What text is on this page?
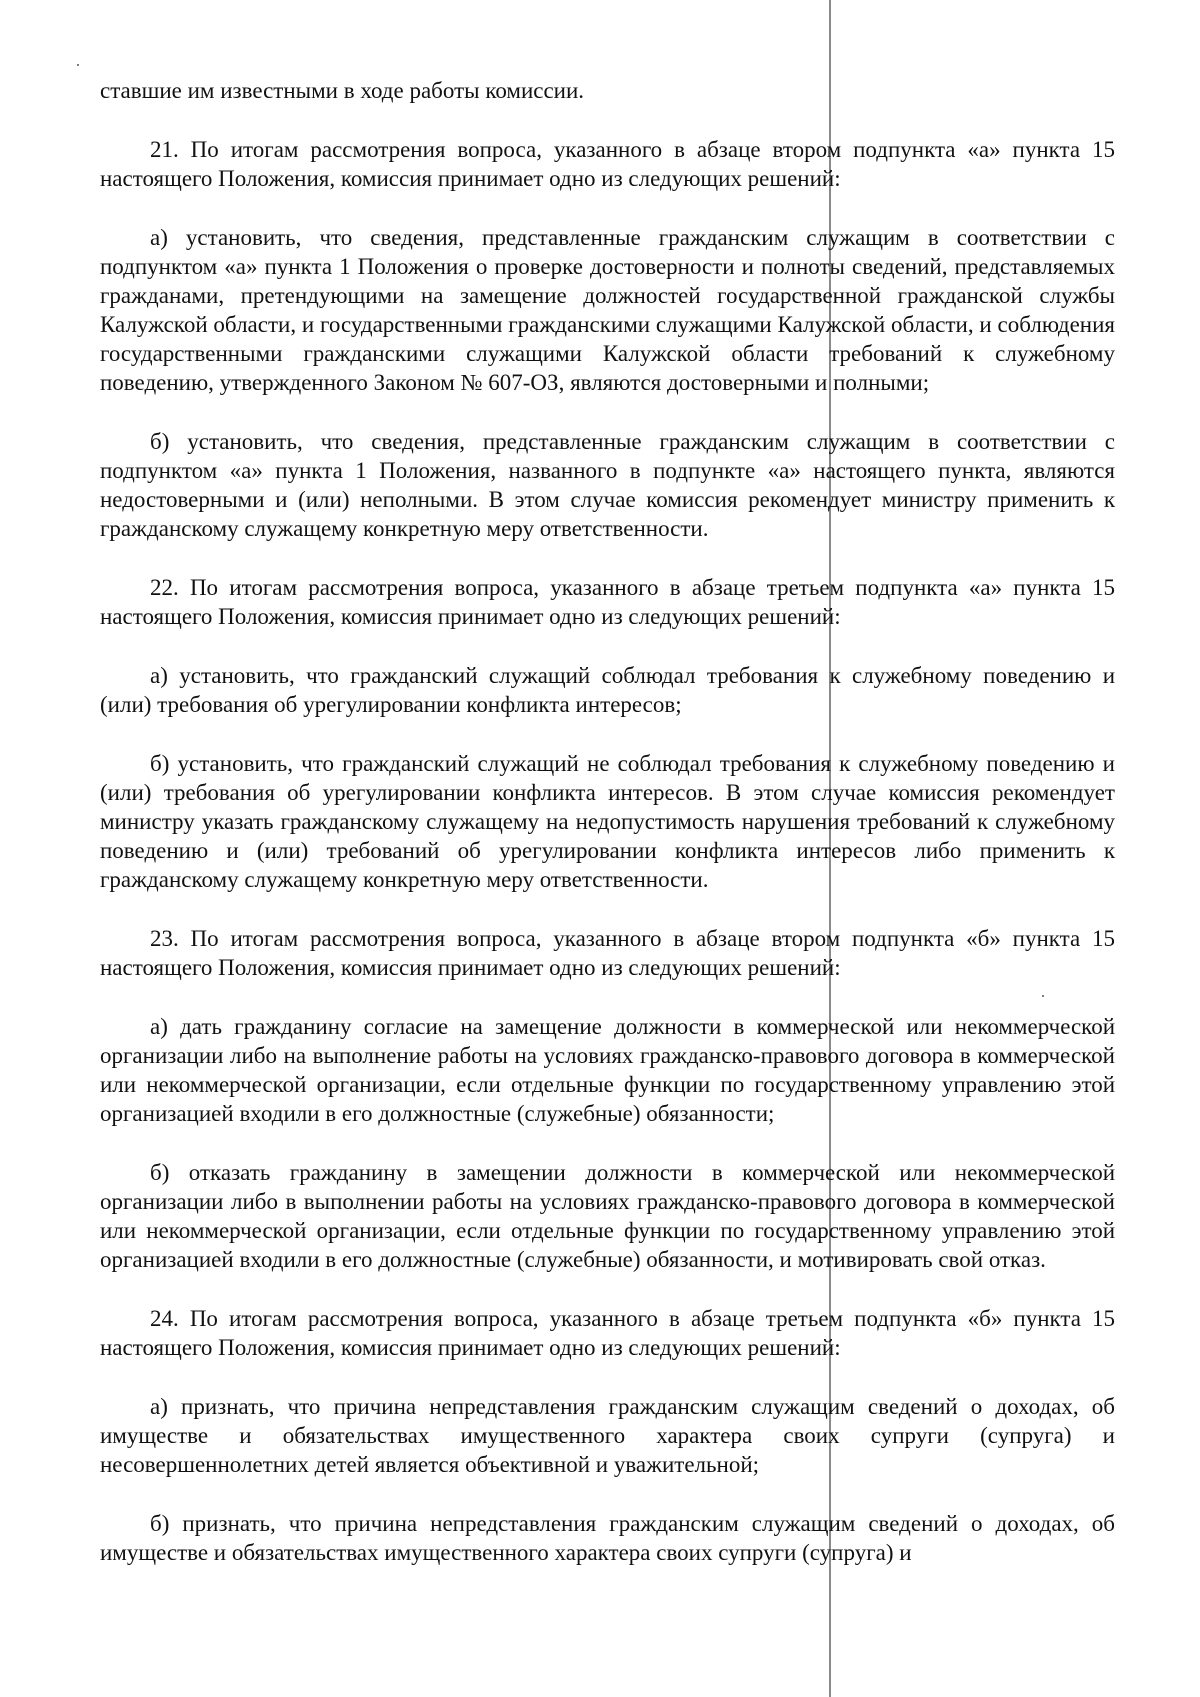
ставшие им известными в ходе работы комиссии.

21. По итогам рассмотрения вопроса, указанного в абзаце втором подпункта «а» пункта 15 настоящего Положения, комиссия принимает одно из следующих решений:

а) установить, что сведения, представленные гражданским служащим в соответствии с подпунктом «а» пункта 1 Положения о проверке достоверности и полноты сведений, представляемых гражданами, претендующими на замещение должностей государственной гражданской службы Калужской области, и государственными гражданскими служащими Калужской области, и соблюдения государственными гражданскими служащими Калужской области требований к служебному поведению, утвержденного Законом № 607-ОЗ, являются достоверными и полными;

б) установить, что сведения, представленные гражданским служащим в соответствии с подпунктом «а» пункта 1 Положения, названного в подпункте «а» настоящего пункта, являются недостоверными и (или) неполными. В этом случае комиссия рекомендует министру применить к гражданскому служащему конкретную меру ответственности.

22. По итогам рассмотрения вопроса, указанного в абзаце третьем подпункта «а» пункта 15 настоящего Положения, комиссия принимает одно из следующих решений:

а) установить, что гражданский служащий соблюдал требования к служебному поведению и (или) требования об урегулировании конфликта интересов;

б) установить, что гражданский служащий не соблюдал требования к служебному поведению и (или) требования об урегулировании конфликта интересов. В этом случае комиссия рекомендует министру указать гражданскому служащему на недопустимость нарушения требований к служебному поведению и (или) требований об урегулировании конфликта интересов либо применить к гражданскому служащему конкретную меру ответственности.

23. По итогам рассмотрения вопроса, указанного в абзаце втором подпункта «б» пункта 15 настоящего Положения, комиссия принимает одно из следующих решений:

а) дать гражданину согласие на замещение должности в коммерческой или некоммерческой организации либо на выполнение работы на условиях гражданско-правового договора в коммерческой или некоммерческой организации, если отдельные функции по государственному управлению этой организацией входили в его должностные (служебные) обязанности;

б) отказать гражданину в замещении должности в коммерческой или некоммерческой организации либо в выполнении работы на условиях гражданско-правового договора в коммерческой или некоммерческой организации, если отдельные функции по государственному управлению этой организацией входили в его должностные (служебные) обязанности, и мотивировать свой отказ.

24. По итогам рассмотрения вопроса, указанного в абзаце третьем подпункта «б» пункта 15 настоящего Положения, комиссия принимает одно из следующих решений:

а) признать, что причина непредставления гражданским служащим сведений о доходах, об имуществе и обязательствах имущественного характера своих супруги (супруга) и несовершеннолетних детей является объективной и уважительной;

б) признать, что причина непредставления гражданским служащим сведений о доходах, об имуществе и обязательствах имущественного характера своих супруги (супруга) и
